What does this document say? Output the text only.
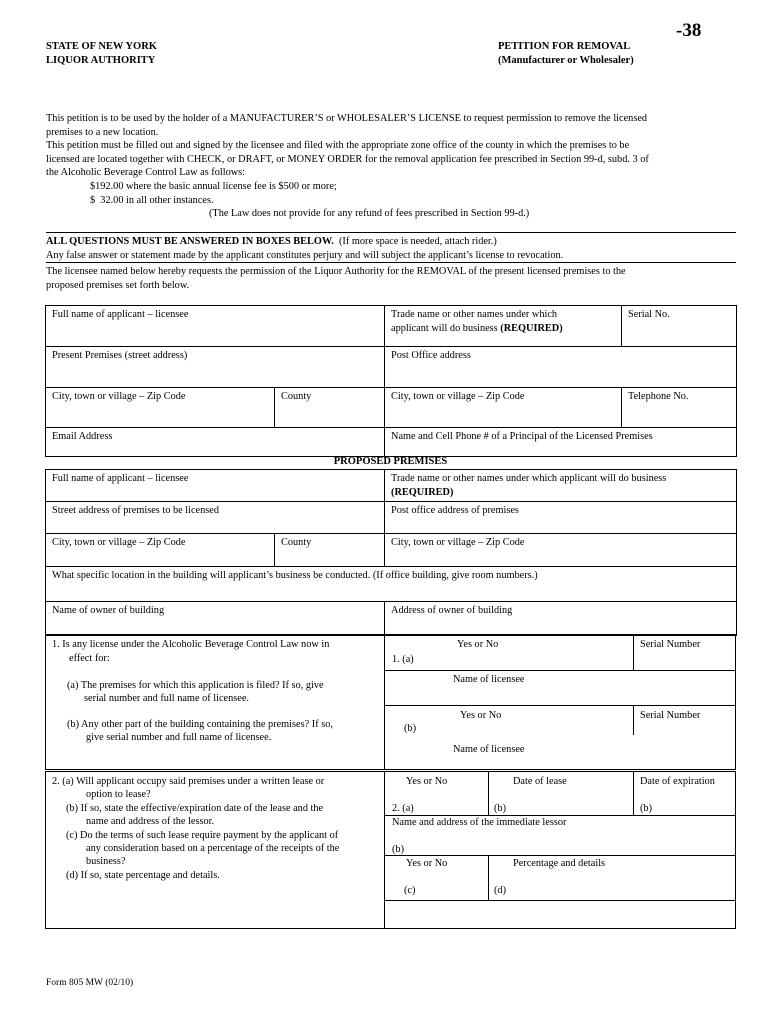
-38
STATE OF NEW YORK
LIQUOR AUTHORITY
PETITION FOR REMOVAL
(Manufacturer or Wholesaler)
This petition is to be used by the holder of a MANUFACTURER’S or WHOLESALER’S LICENSE to request permission to remove the licensed
premises to a new location.
This petition must be filled out and signed by the licensee and filed with the appropriate zone office of the county in which the premises to be
licensed are located together with CHECK, or DRAFT, or MONEY ORDER for the removal application fee prescribed in Section 99-d, subd. 3 of
the Alcoholic Beverage Control Law as follows:
$192.00 where the basic annual license fee is $500 or more;
$  32.00 in all other instances.
(The Law does not provide for any refund of fees prescribed in Section 99-d.)
ALL QUESTIONS MUST BE ANSWERED IN BOXES BELOW.  (If more space is needed, attach rider.)
Any false answer or statement made by the applicant constitutes perjury and will subject the applicant’s license to revocation.
The licensee named below hereby requests the permission of the Liquor Authority for the REMOVAL of the present licensed premises to the
proposed premises set forth below.
Full name of applicant – licensee		Trade name or other names under which
applicant will do business (REQUIRED)	Serial No.
Present Premises (street address)		Post Office address	
City, town or village – Zip Code	County	City, town or village – Zip Code	Telephone No.
Email Address		Name and Cell Phone # of a Principal of the Licensed Premises	
PROPOSED PREMISES
Full name of applicant – licensee		Trade name or other names under which applicant will do business
(REQUIRED)
Street address of premises to be licensed		Post office address of premises
City, town or village – Zip Code	County	City, town or village – Zip Code
What specific location in the building will applicant’s business be conducted. (If office building, give room numbers.)		
Name of owner of building		Address of owner of building
1. Is any license under the Alcoholic Beverage Control Law now in
effect for:
(a) The premises for which this application is filed? If so, give
serial number and full name of licensee.
(b) Any other part of the building containing the premises? If so,
give serial number and full name of licensee.
Yes or No	Serial Number
1. (a)
Name of licensee
Yes or No	Serial Number
(b)
Name of licensee
2. (a) Will applicant occupy said premises under a written lease or
option to lease?
(b) If so, state the effective/expiration date of the lease and the
name and address of the lessor.
(c) Do the terms of such lease require payment by the applicant of
any consideration based on a percentage of the receipts of the
business?
(d) If so, state percentage and details.
Yes or No	Date of lease	Date of expiration
2. (a)	(b)	(b)
Name and address of the immediate lessor
(b)
Yes or No	Percentage and details
(c)	(d)
Form 805 MW (02/10)
